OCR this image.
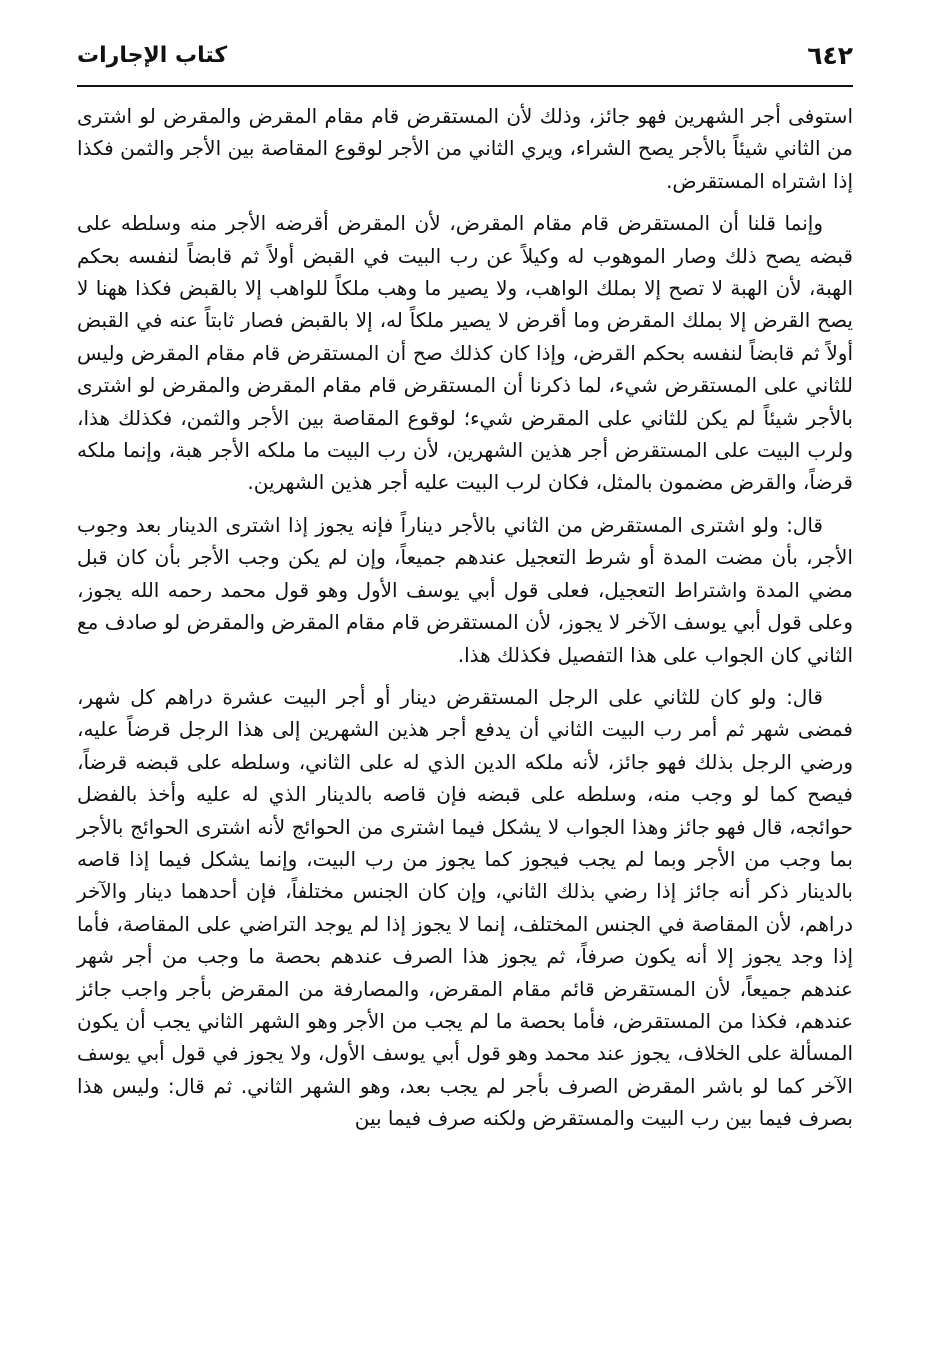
٦٤٢
كتاب الإجارات

استوفى أجر الشهرين فهو جائز، وذلك لأن المستقرض قام مقام المقرض والمقرض لو اشترى من الثاني شيئاً بالأجر يصح الشراء، ويري الثاني من الأجر لوقوع المقاصة بين الأجر والثمن فكذا إذا اشتراه المستقرض.

وإنما قلنا أن المستقرض قام مقام المقرض، لأن المقرض أقرضه الأجر منه وسلطه على قبضه يصح ذلك وصار الموهوب له وكيلاً عن رب البيت في القبض أولاً ثم قابضاً لنفسه بحكم الهبة، لأن الهبة لا تصح إلا بملك الواهب، ولا يصير ما وهب ملكاً للواهب إلا بالقبض فكذا ههنا لا يصح القرض إلا بملك المقرض وما أقرض لا يصير ملكاً له، إلا بالقبض فصار ثابتاً عنه في القبض أولاً ثم قابضاً لنفسه بحكم القرض، وإذا كان كذلك صح أن المستقرض قام مقام المقرض وليس للثاني على المستقرض شيء، لما ذكرنا أن المستقرض قام مقام المقرض والمقرض لو اشترى بالأجر شيئاً لم يكن للثاني على المقرض شيء؛ لوقوع المقاصة بين الأجر والثمن، فكذلك هذا، ولرب البيت على المستقرض أجر هذين الشهرين، لأن رب البيت ما ملكه الأجر هبة، وإنما ملكه قرضاً، والقرض مضمون بالمثل، فكان لرب البيت عليه أجر هذين الشهرين.

قال: ولو اشترى المستقرض من الثاني بالأجر ديناراً فإنه يجوز إذا اشترى الدينار بعد وجوب الأجر، بأن مضت المدة أو شرط التعجيل عندهم جميعاً، وإن لم يكن وجب الأجر بأن كان قبل مضي المدة واشتراط التعجيل، فعلى قول أبي يوسف الأول وهو قول محمد رحمه الله يجوز، وعلى قول أبي يوسف الآخر لا يجوز، لأن المستقرض قام مقام المقرض والمقرض لو صادف مع الثاني كان الجواب على هذا التفصيل فكذلك هذا.

قال: ولو كان للثاني على الرجل المستقرض دينار أو أجر البيت عشرة دراهم كل شهر، فمضى شهر ثم أمر رب البيت الثاني أن يدفع أجر هذين الشهرين إلى هذا الرجل قرضاً عليه، ورضي الرجل بذلك فهو جائز، لأنه ملكه الدين الذي له على الثاني، وسلطه على قبضه قرضاً، فيصح كما لو وجب منه، وسلطه على قبضه فإن قاصه بالدينار الذي له عليه وأخذ بالفضل حوائجه، قال فهو جائز وهذا الجواب لا يشكل فيما اشترى من الحوائج لأنه اشترى الحوائج بالأجر بما وجب من الأجر وبما لم يجب فيجوز كما يجوز من رب البيت، وإنما يشكل فيما إذا قاصه بالدينار ذكر أنه جائز إذا رضي بذلك الثاني، وإن كان الجنس مختلفاً، فإن أحدهما دينار والآخر دراهم، لأن المقاصة في الجنس المختلف، إنما لا يجوز إذا لم يوجد التراضي على المقاصة، فأما إذا وجد يجوز إلا أنه يكون صرفاً، ثم يجوز هذا الصرف عندهم بحصة ما وجب من أجر شهر عندهم جميعاً، لأن المستقرض قائم مقام المقرض، والمصارفة من المقرض بأجر واجب جائز عندهم، فكذا من المستقرض، فأما بحصة ما لم يجب من الأجر وهو الشهر الثاني يجب أن يكون المسألة على الخلاف، يجوز عند محمد وهو قول أبي يوسف الأول، ولا يجوز في قول أبي يوسف الآخر كما لو باشر المقرض الصرف بأجر لم يجب بعد، وهو الشهر الثاني. ثم قال: وليس هذا بصرف فيما بين رب البيت والمستقرض ولكنه صرف فيما بين
